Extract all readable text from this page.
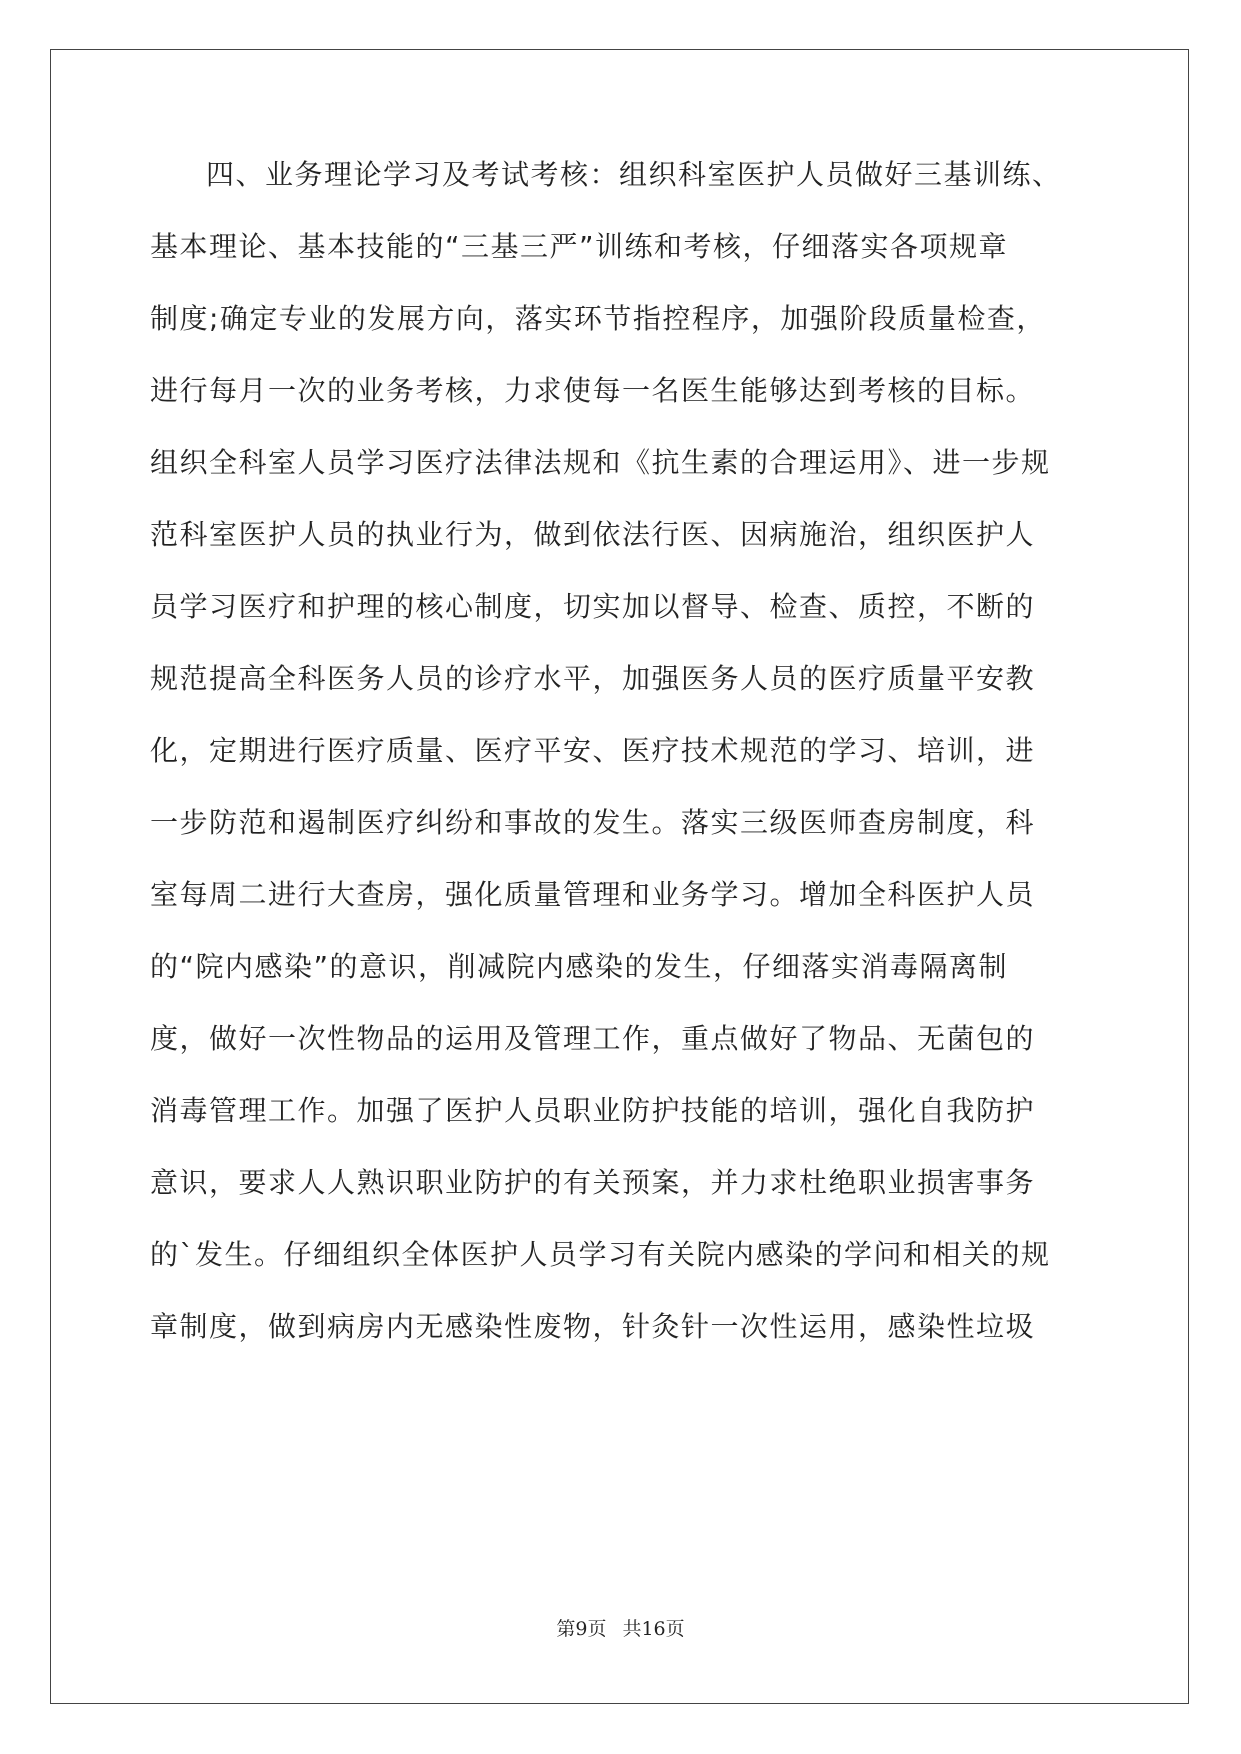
四、业务理论学习及考试考核：组织科室医护人员做好三基训练、
基本理论、基本技能的“三基三严”训练和考核，仔细落实各项规章
制度;确定专业的发展方向，落实环节指控程序，加强阶段质量检查，
进行每月一次的业务考核，力求使每一名医生能够达到考核的目标。
组织全科室人员学习医疗法律法规和《抗生素的合理运用》、进一步规
范科室医护人员的执业行为，做到依法行医、因病施治，组织医护人
员学习医疗和护理的核心制度，切实加以督导、检查、质控，不断的
规范提高全科医务人员的诊疗水平，加强医务人员的医疗质量平安教
化，定期进行医疗质量、医疗平安、医疗技术规范的学习、培训，进
一步防范和遏制医疗纠纷和事故的发生。落实三级医师查房制度，科
室每周二进行大查房，强化质量管理和业务学习。增加全科医护人员
的“院内感染”的意识，削减院内感染的发生，仔细落实消毒隔离制
度，做好一次性物品的运用及管理工作，重点做好了物品、无菌包的
消毒管理工作。加强了医护人员职业防护技能的培训，强化自我防护
意识，要求人人熟识职业防护的有关预案，并力求杜绝职业损害事务
的`发生。仔细组织全体医护人员学习有关院内感染的学问和相关的规
章制度，做到病房内无感染性废物，针灸针一次性运用，感染性垃圾
第9页 共16页
